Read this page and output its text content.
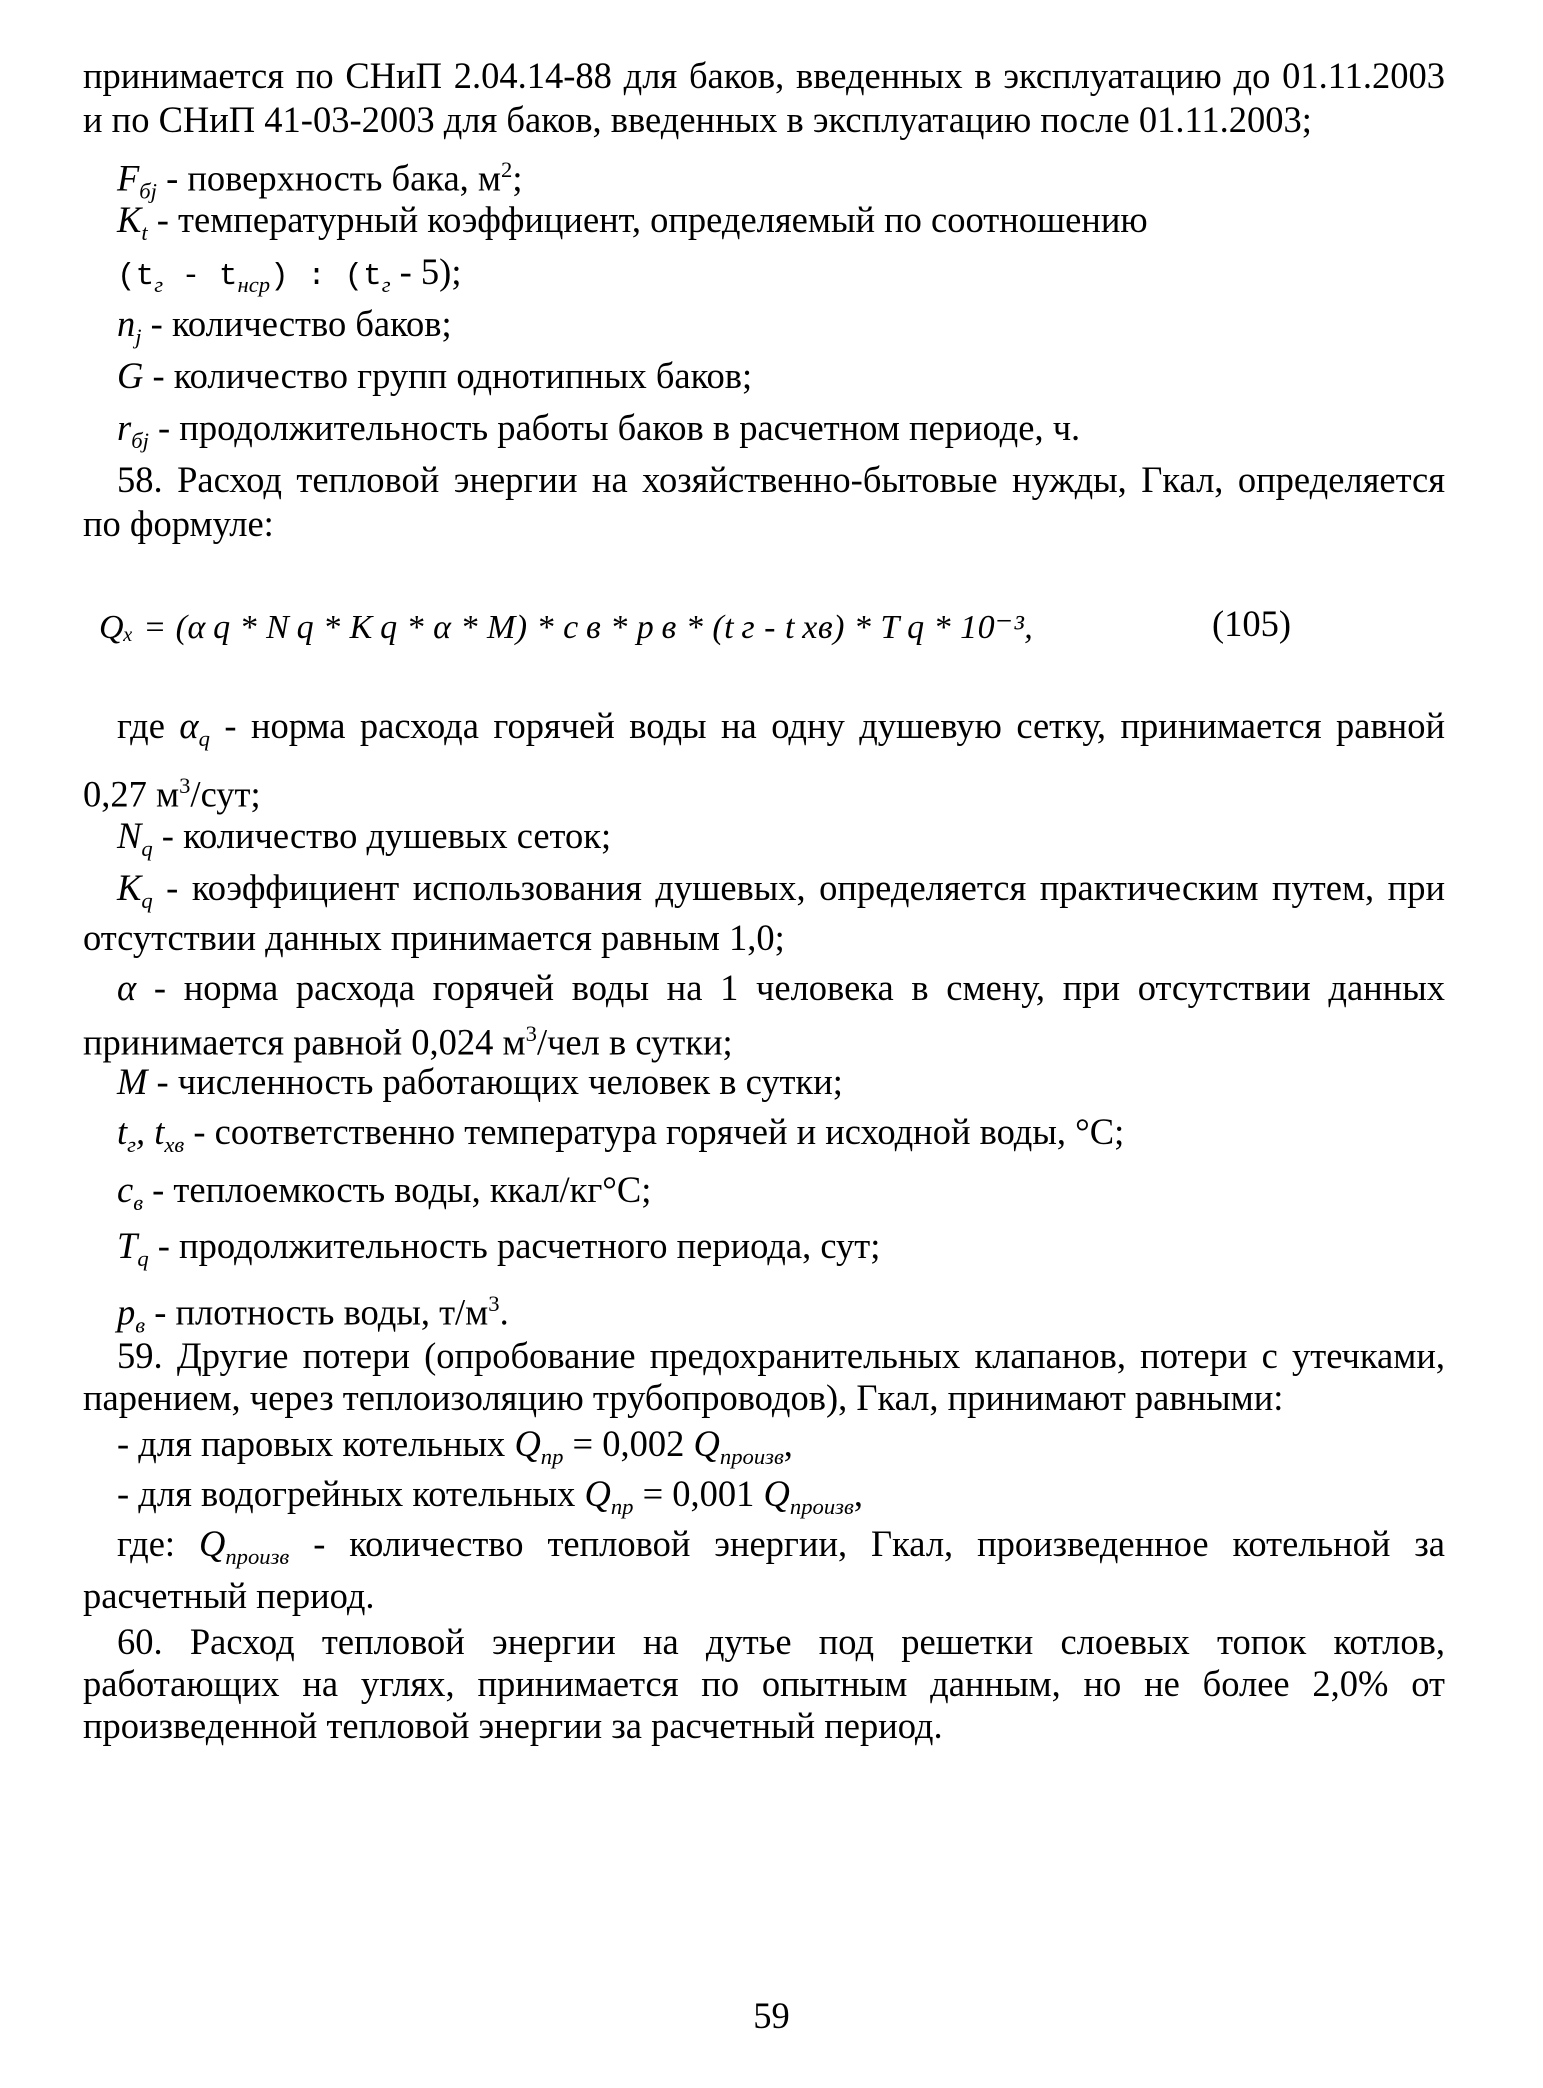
принимается по СНиП 2.04.14-88 для баков, введенных в эксплуатацию до 01.11.2003
и по СНиП 41-03-2003 для баков, введенных в эксплуатацию после 01.11.2003;
$F_{бj}$ - поверхность бака, $м^2$;
$K_t$ - температурный коэффициент, определяемый по соотношению
$(t_г - t_{нср})$ : $(t_г - 5)$;
$n_j$ - количество баков;
G - количество групп однотипных баков;
$r_{бj}$ - продолжительность работы баков в расчетном периоде, ч.
58. Расход тепловой энергии на хозяйственно-бытовые нужды, Гкал, определяется
по формуле:
Qₓ = (α q * N q * K q * α * M) * c в * p в * (t г - t хв) * T q * 10⁻³,	(105)
где $\alpha_q$ - норма расхода горячей воды на одну душевую сетку, принимается равной
0,27 $м^3$/сут;
$N_q$ - количество душевых сеток;
$K_q$ - коэффициент использования душевых, определяется практическим путем, при
отсутствии данных принимается равным 1,0;
α - норма расхода горячей воды на 1 человека в смену, при отсутствии данных
принимается равной 0,024 $м^3$/чел в сутки;
M - численность работающих человек в сутки;
$t_г$, $t_{хв}$ - соответственно температура горячей и исходной воды, °С;
$c_в$ - теплоемкость воды, ккал/кг°С;
$T_q$ - продолжительность расчетного периода, сут;
$p_в$ - плотность воды, $т/м^3$.
59. Другие потери (опробование предохранительных клапанов, потери с утечками,
парением, через теплоизоляцию трубопроводов), Гкал, принимают равными:
- для паровых котельных $Q_{пр} = 0,002$ $Q_{произв}$,
- для водогрейных котельных $Q_{пр} = 0,001$ $Q_{произв}$,
где: $Q_{произв}$ - количество тепловой энергии, Гкал, произведенное котельной за
расчетный период.
60. Расход тепловой энергии на дутье под решетки слоевых топок котлов,
работающих на углях, принимается по опытным данным, но не более 2,0% от
произведенной тепловой энергии за расчетный период.
59
